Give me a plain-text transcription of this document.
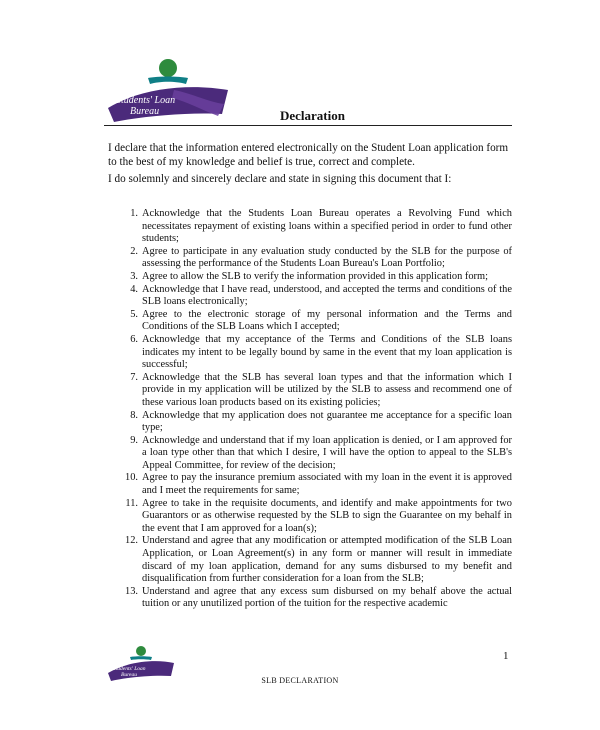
Students' Loan
Bureau	Declaration
I declare that the information entered electronically on the Student Loan application form to the best of my knowledge and belief is true, correct and complete.
I do solemnly and sincerely declare and state in signing this document that I:
1. Acknowledge that the Students Loan Bureau operates a Revolving Fund which necessitates repayment of existing loans within a specified period in order to fund other students;
2. Agree to participate in any evaluation study conducted by the SLB for the purpose of assessing the performance of the Students Loan Bureau's Loan Portfolio;
3. Agree to allow the SLB to verify the information provided in this application form;
4. Acknowledge that I have read, understood, and accepted the terms and conditions of the SLB loans electronically;
5. Agree to the electronic storage of my personal information and the Terms and Conditions of the SLB Loans which I accepted;
6. Acknowledge that my acceptance of the Terms and Conditions of the SLB loans indicates my intent to be legally bound by same in the event that my loan application is successful;
7. Acknowledge that the SLB has several loan types and that the information which I provide in my application will be utilized by the SLB to assess and recommend one of these various loan products based on its existing policies;
8. Acknowledge that my application does not guarantee me acceptance for a specific loan type;
9. Acknowledge and understand that if my loan application is denied, or I am approved for a loan type other than that which I desire, I will have the option to appeal to the SLB's Appeal Committee, for review of the decision;
10. Agree to pay the insurance premium associated with my loan in the event it is approved and I meet the requirements for same;
11. Agree to take in the requisite documents, and identify and make appointments for two Guarantors or as otherwise requested by the SLB to sign the Guarantee on my behalf in the event that I am approved for a loan(s);
12. Understand and agree that any modification or attempted modification of the SLB Loan Application, or Loan Agreement(s) in any form or manner will result in immediate discard of my loan application, demand for any sums disbursed to my benefit and disqualification from further consideration for a loan from the SLB;
13. Understand and agree that any excess sum disbursed on my behalf above the actual tuition or any unutilized portion of the tuition for the respective academic
Students' Loan
Bureau
1
SLB DECLARATION
